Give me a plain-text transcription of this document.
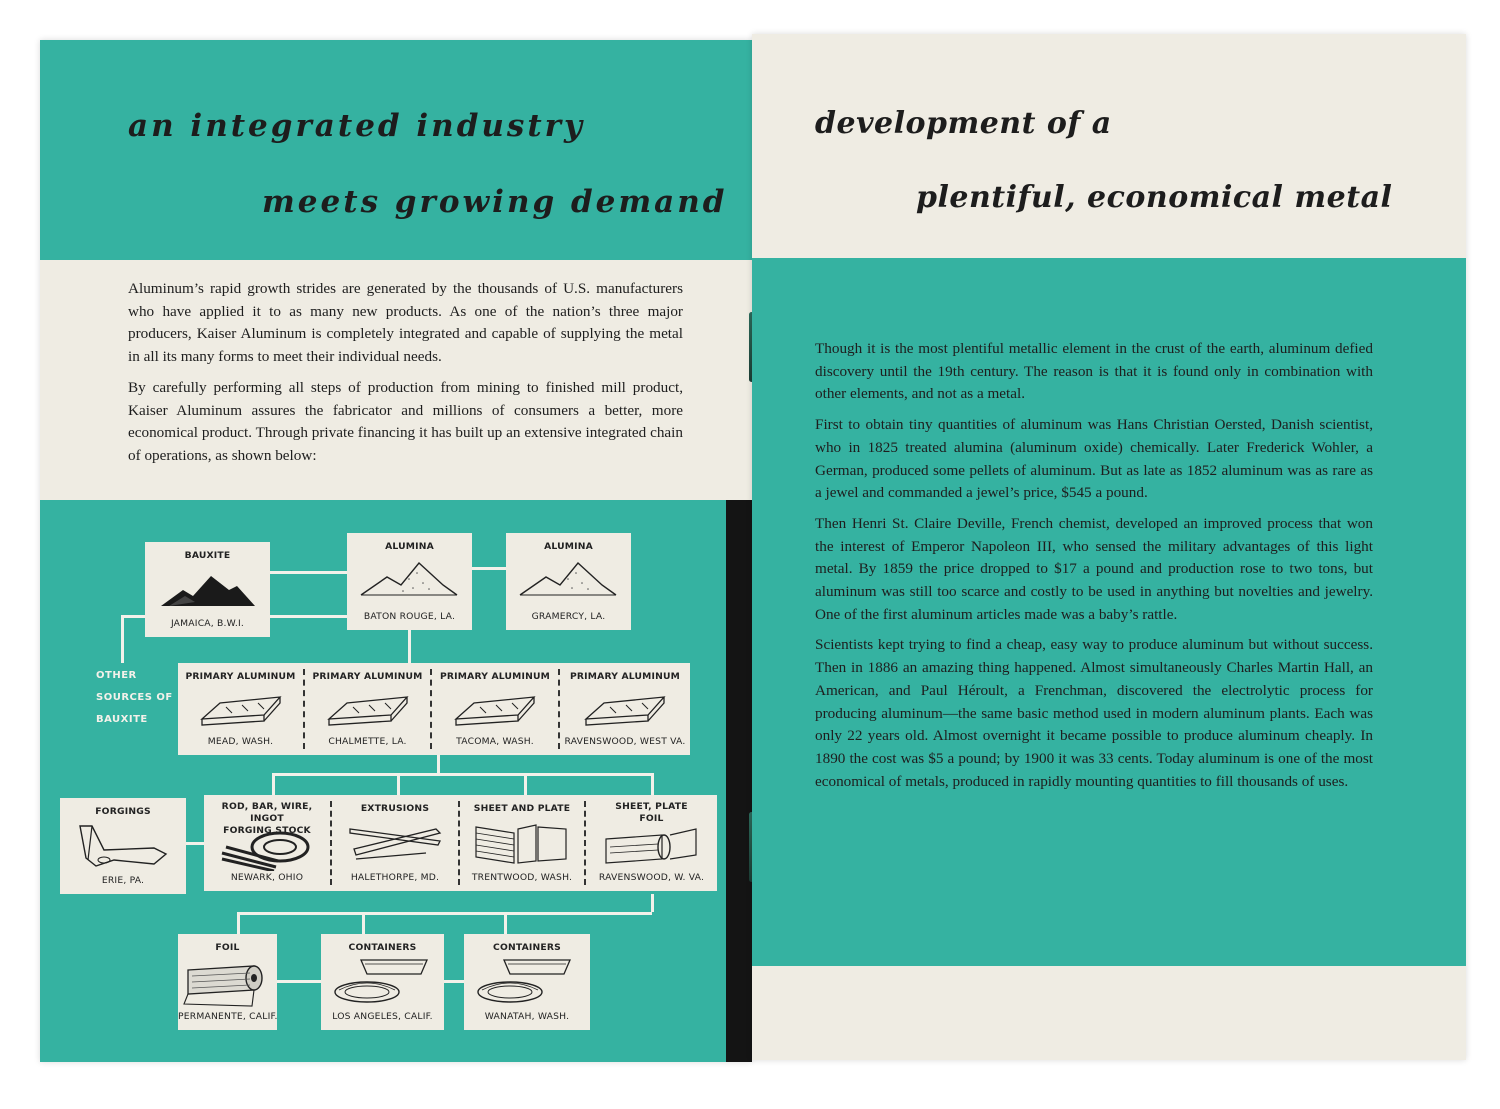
an integrated industry
meets growing demand

Aluminum’s rapid growth strides are generated by the thousands of U.S. manufacturers who have applied it to as many new products. As one of the nation’s three major producers, Kaiser Aluminum is completely integrated and capable of supplying the metal in all its many forms to meet their individual needs.

By carefully performing all steps of production from mining to finished mill product, Kaiser Aluminum assures the fabricator and millions of consumers a better, more economical product. Through private financing it has built up an extensive integrated chain of operations, as shown below:

BAUXITE
JAMAICA, B.W.I.
ALUMINA
BATON ROUGE, LA.
ALUMINA
GRAMERCY, LA.
OTHER
SOURCES OF
BAUXITE
PRIMARY ALUMINUM
MEAD, WASH.
PRIMARY ALUMINUM
CHALMETTE, LA.
PRIMARY ALUMINUM
TACOMA, WASH.
PRIMARY ALUMINUM
RAVENSWOOD, WEST VA.
FORGINGS
ERIE, PA.
ROD, BAR, WIRE, INGOT
FORGING STOCK
NEWARK, OHIO
EXTRUSIONS
HALETHORPE, MD.
SHEET AND PLATE
TRENTWOOD, WASH.
SHEET, PLATE
FOIL
RAVENSWOOD, W. VA.
FOIL
PERMANENTE, CALIF.
CONTAINERS
LOS ANGELES, CALIF.
CONTAINERS
WANATAH, WASH.
development of a
plentiful, economical metal

Though it is the most plentiful metallic element in the crust of the earth, aluminum defied discovery until the 19th century. The reason is that it is found only in combination with other elements, and not as a metal.

First to obtain tiny quantities of aluminum was Hans Christian Oersted, Danish scientist, who in 1825 treated alumina (aluminum oxide) chemically. Later Frederick Wohler, a German, produced some pellets of aluminum. But as late as 1852 aluminum was as rare as a jewel and commanded a jewel’s price, $545 a pound.

Then Henri St. Claire Deville, French chemist, developed an improved process that won the interest of Emperor Napoleon III, who sensed the military advantages of this light metal. By 1859 the price dropped to $17 a pound and production rose to two tons, but aluminum was still too scarce and costly to be used in anything but novelties and jewelry. One of the first aluminum articles made was a baby’s rattle.

Scientists kept trying to find a cheap, easy way to produce aluminum but without success. Then in 1886 an amazing thing happened. Almost simultaneously Charles Martin Hall, an American, and Paul Héroult, a Frenchman, discovered the electrolytic process for producing aluminum—the same basic method used in modern aluminum plants. Each was only 22 years old. Almost overnight it became possible to produce aluminum cheaply. In 1890 the cost was $5 a pound; by 1900 it was 33 cents. Today aluminum is one of the most economical of metals, produced in rapidly mounting quantities to fill thousands of uses.
